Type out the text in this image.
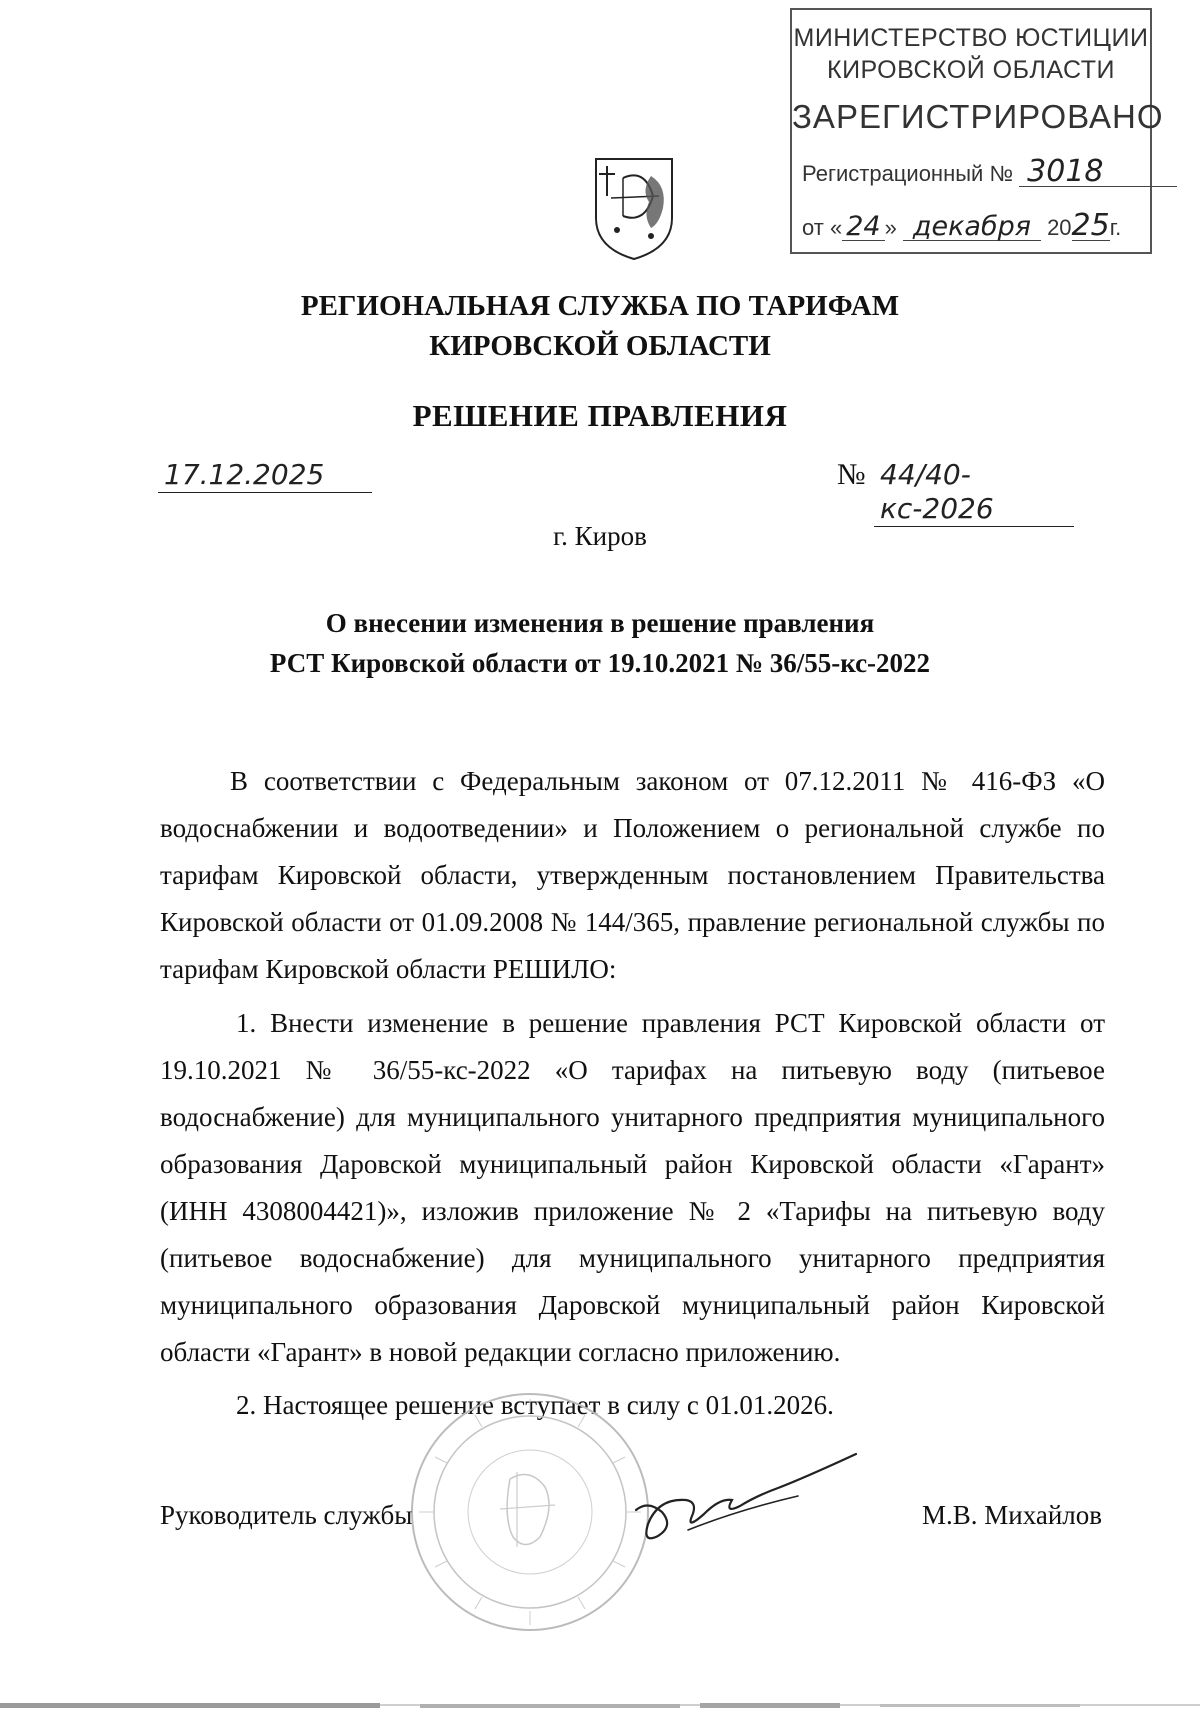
МИНИСТЕРСТВО ЮСТИЦИИ
КИРОВСКОЙ ОБЛАСТИ
ЗАРЕГИСТРИРОВАНО
Регистрационный № 3018
от « 24 » декабря 2025г.
РЕГИОНАЛЬНАЯ СЛУЖБА ПО ТАРИФАМ
КИРОВСКОЙ ОБЛАСТИ
РЕШЕНИЕ ПРАВЛЕНИЯ
17.12.2025	№ 44/40-кс-2026
г. Киров
О внесении изменения в решение правления
РСТ Кировской области от 19.10.2021 № 36/55-кс-2022
В соответствии с Федеральным законом от 07.12.2011 № 416-ФЗ «О водоснабжении и водоотведении» и Положением о региональной службе по тарифам Кировской области, утвержденным постановлением Правительства Кировской области от 01.09.2008 № 144/365, правление региональной службы по тарифам Кировской области РЕШИЛО:
1. Внести изменение в решение правления РСТ Кировской области от 19.10.2021 № 36/55-кс-2022 «О тарифах на питьевую воду (питьевое водоснабжение) для муниципального унитарного предприятия муниципального образования Даровской муниципальный район Кировской области «Гарант» (ИНН 4308004421)», изложив приложение № 2 «Тарифы на питьевую воду (питьевое водоснабжение) для муниципального унитарного предприятия муниципального образования Даровской муниципальный район Кировской области «Гарант» в новой редакции согласно приложению.
2. Настоящее решение вступает в силу с 01.01.2026.
Руководитель службы	М.В. Михайлов
